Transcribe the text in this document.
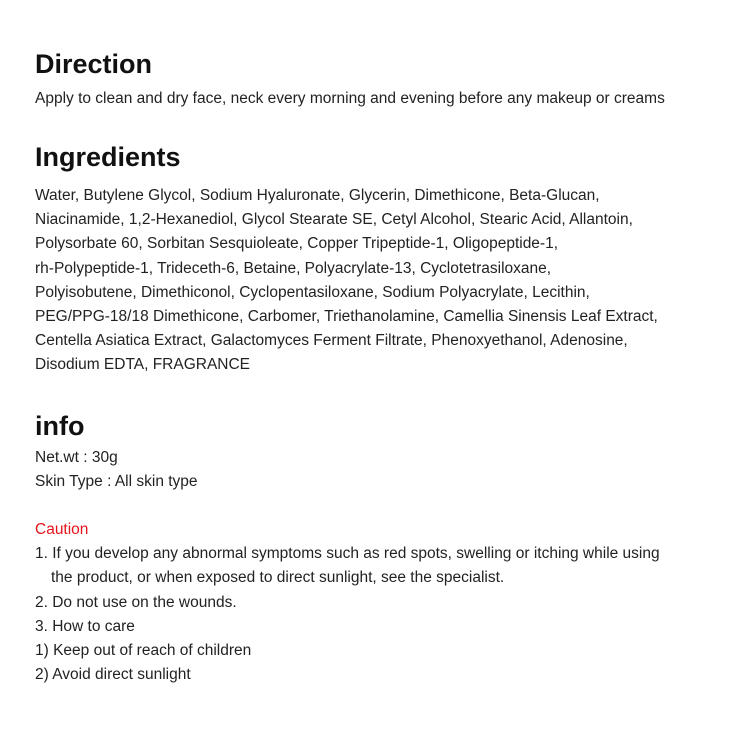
Direction

Apply to clean and dry face, neck every morning and evening before any makeup or creams

Ingredients
Water, Butylene Glycol, Sodium Hyaluronate, Glycerin, Dimethicone, Beta-Glucan,
Niacinamide, 1,2-Hexanediol, Glycol Stearate SE, Cetyl Alcohol, Stearic Acid, Allantoin,
Polysorbate 60, Sorbitan Sesquioleate, Copper Tripeptide-1, Oligopeptide-1,
rh-Polypeptide-1, Trideceth-6, Betaine, Polyacrylate-13, Cyclotetrasiloxane,
Polyisobutene, Dimethiconol, Cyclopentasiloxane, Sodium Polyacrylate, Lecithin,
PEG/PPG-18/18 Dimethicone, Carbomer, Triethanolamine, Camellia Sinensis Leaf Extract,
Centella Asiatica Extract, Galactomyces Ferment Filtrate, Phenoxyethanol, Adenosine,
Disodium EDTA, FRAGRANCE
info
Net.wt : 30g
Skin Type : All skin type
Caution
1. If you develop any abnormal symptoms such as red spots, swelling or itching while using
the product, or when exposed to direct sunlight, see the specialist.
2. Do not use on the wounds.
3. How to care
1) Keep out of reach of children
2) Avoid direct sunlight
